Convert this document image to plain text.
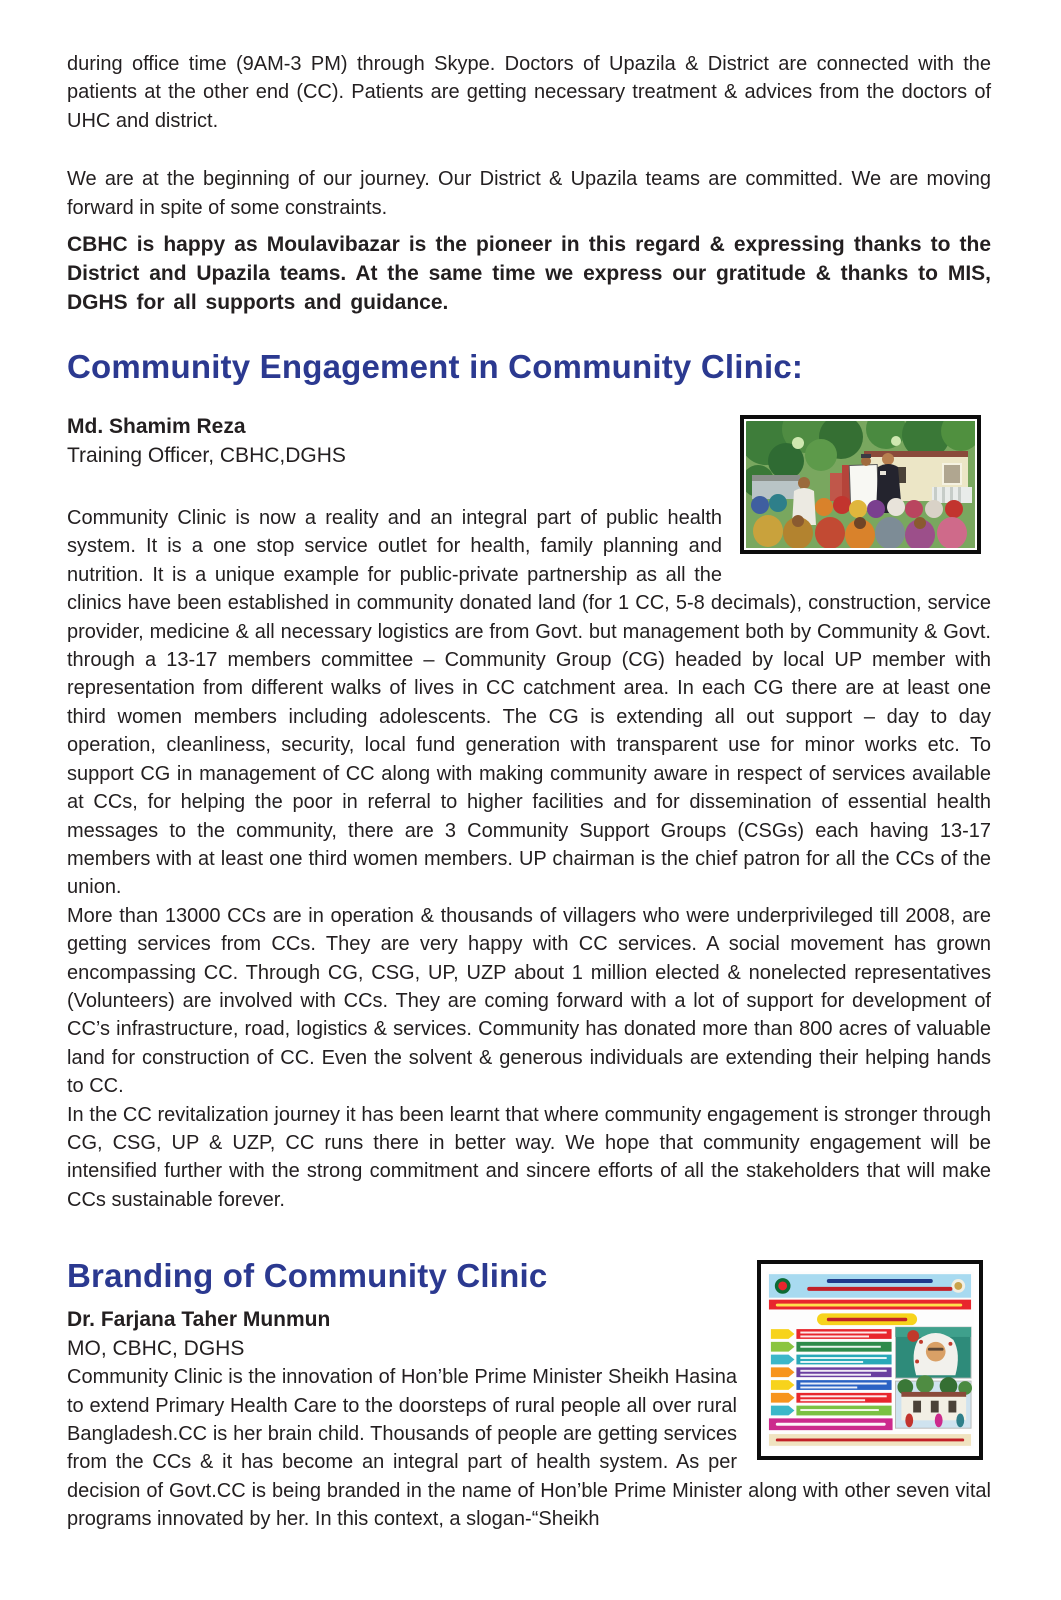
during office time (9AM-3 PM) through Skype. Doctors of Upazila & District are connected with the patients at the other end (CC). Patients are getting necessary treatment & advices from the doctors of UHC and district.

We are at the beginning of our journey. Our District & Upazila teams are committed. We are moving forward in spite of some constraints.

CBHC is happy as Moulavibazar is the pioneer in this regard & expressing thanks to the District and Upazila teams. At the same time we express our gratitude & thanks to MIS, DGHS for all supports and guidance.

Community Engagement in Community Clinic:
Md. Shamim Reza
Training Officer, CBHC,DGHS

Community Clinic is now a reality and an integral part of public health system. It is a one stop service outlet for health, family planning and nutrition. It is a unique example for public-private partnership as all the clinics have been established in community donated land (for 1 CC, 5-8 decimals), construction, service provider, medicine & all necessary logistics are from Govt. but management both by Community & Govt. through a 13-17 members committee – Community Group (CG) headed by local UP member with representation from different walks of lives in CC catchment area. In each CG there are at least one third women members including adolescents. The CG is extending all out support – day to day operation, cleanliness, security, local fund generation with transparent use for minor works etc. To support CG in management of CC along with making community aware in respect of services available at CCs, for helping the poor in referral to higher facilities and for dissemination of essential health messages to the community, there are 3 Community Support Groups (CSGs) each having 13-17 members with at least one third women members. UP chairman is the chief patron for all the CCs of the union.

More than 13000 CCs are in operation & thousands of villagers who were underprivileged till 2008, are getting services from CCs. They are very happy with CC services. A social movement has grown encompassing CC. Through CG, CSG, UP, UZP about 1 million elected & nonelected representatives (Volunteers) are involved with CCs. They are coming forward with a lot of support for development of CC’s infrastructure, road, logistics & services. Community has donated more than 800 acres of valuable land for construction of CC. Even the solvent & generous individuals are extending their helping hands to CC.

In the CC revitalization journey it has been learnt that where community engagement is stronger through CG, CSG, UP & UZP, CC runs there in better way. We hope that community engagement will be intensified further with the strong commitment and sincere efforts of all the stakeholders that will make CCs sustainable forever.

Branding of Community Clinic
Dr. Farjana Taher Munmun
MO, CBHC, DGHS

Community Clinic is the innovation of Hon’ble Prime Minister Sheikh Hasina to extend Primary Health Care to the doorsteps of rural people all over rural Bangladesh.CC is her brain child. Thousands of people are getting services from the CCs & it has become an integral part of health system. As per decision of Govt.CC is being branded in the name of Hon’ble Prime Minister along with other seven vital programs innovated by her. In this context, a slogan-“Sheikh
